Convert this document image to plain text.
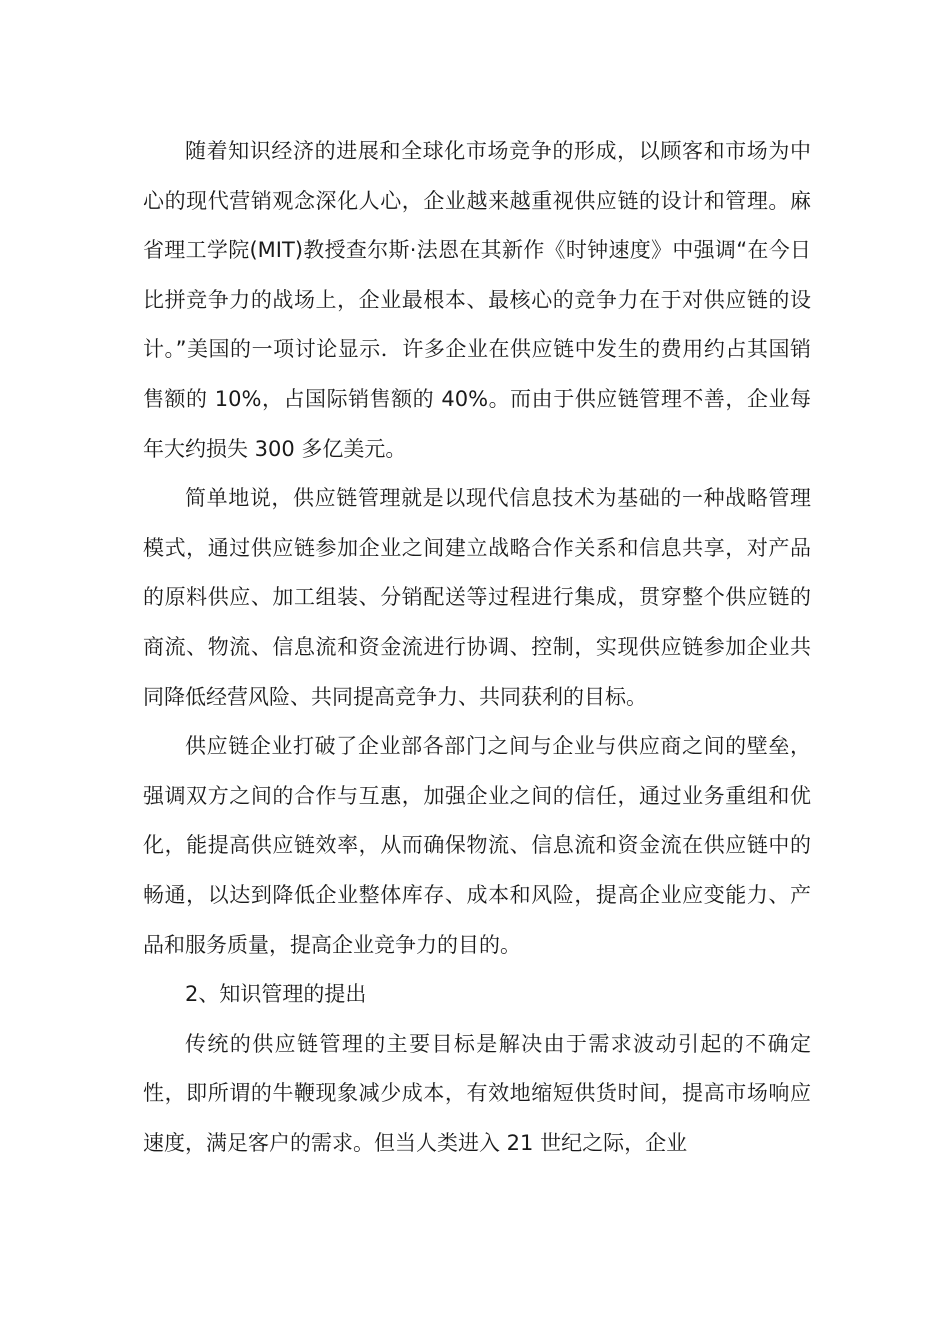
随着知识经济的进展和全球化市场竞争的形成，以顾客和市场为中心的现代营销观念深化人心，企业越来越重视供应链的设计和管理。麻省理工学院(MIT)教授查尔斯·法恩在其新作《时钟速度》中强调“在今日比拼竞争力的战场上，企业最根本、最核心的竞争力在于对供应链的设计。”美国的一项讨论显示．许多企业在供应链中发生的费用约占其国销售额的 10%，占国际销售额的 40%。而由于供应链管理不善，企业每年大约损失 300 多亿美元。

简单地说，供应链管理就是以现代信息技术为基础的一种战略管理模式，通过供应链参加企业之间建立战略合作关系和信息共享，对产品的原料供应、加工组装、分销配送等过程进行集成，贯穿整个供应链的商流、物流、信息流和资金流进行协调、控制，实现供应链参加企业共同降低经营风险、共同提高竞争力、共同获利的目标。

供应链企业打破了企业部各部门之间与企业与供应商之间的壁垒，强调双方之间的合作与互惠，加强企业之间的信任，通过业务重组和优化，能提高供应链效率，从而确保物流、信息流和资金流在供应链中的畅通，以达到降低企业整体库存、成本和风险，提高企业应变能力、产品和服务质量，提高企业竞争力的目的。

2、知识管理的提出

传统的供应链管理的主要目标是解决由于需求波动引起的不确定性，即所谓的牛鞭现象减少成本，有效地缩短供货时间，提高市场响应速度，满足客户的需求。但当人类进入 21 世纪之际，企业
